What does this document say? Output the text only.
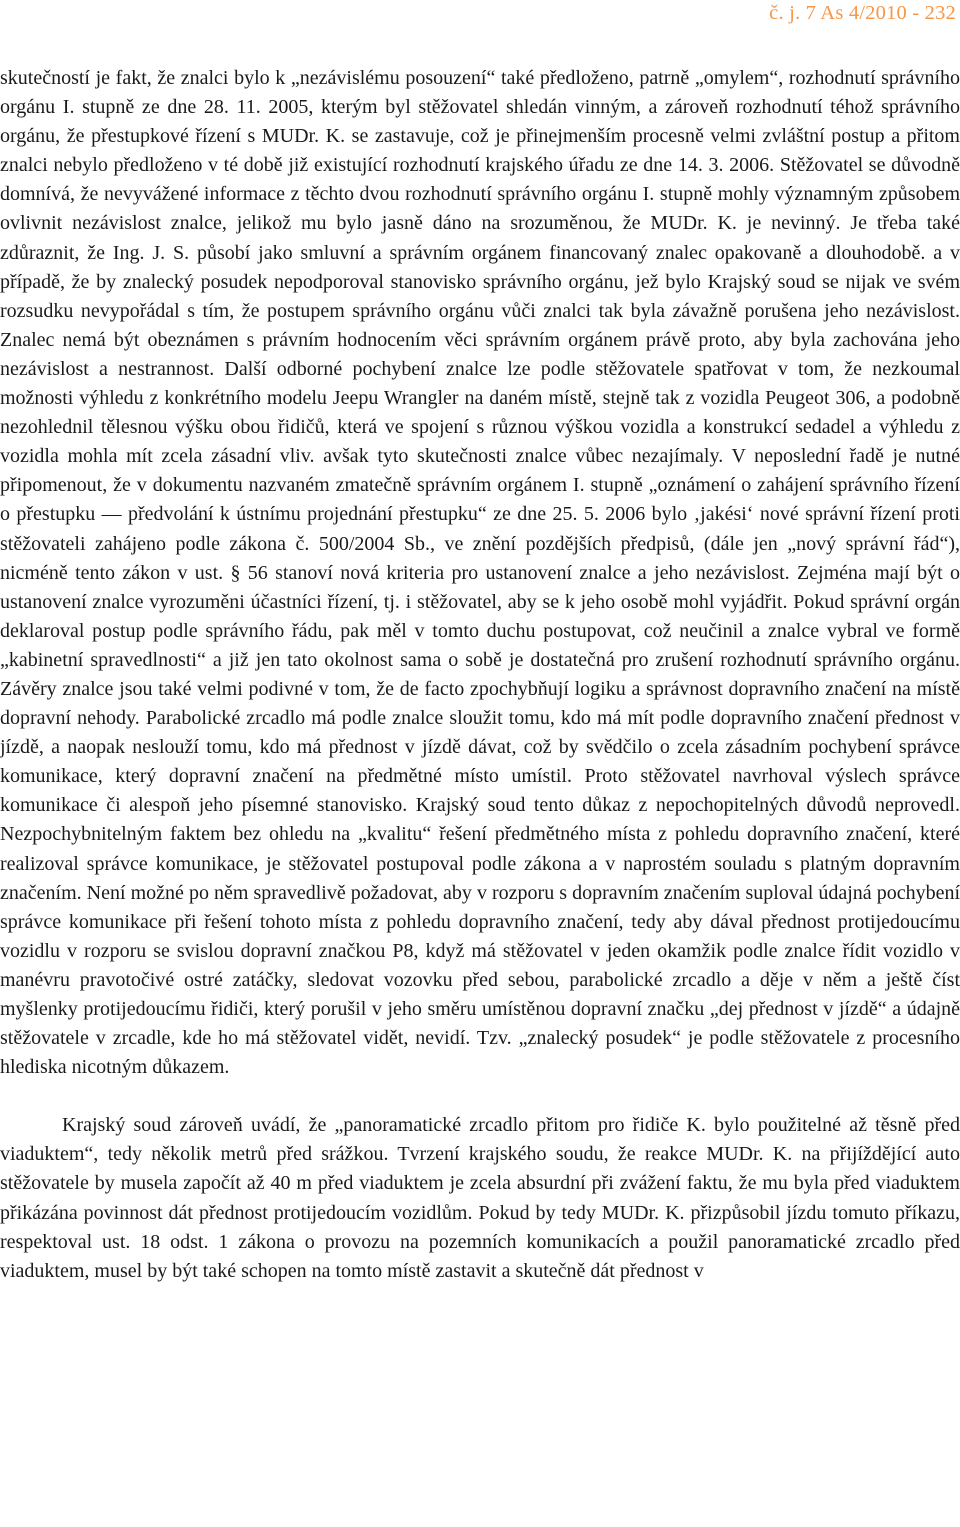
č. j. 7 As 4/2010 - 232

skutečností je fakt, že znalci bylo k „nezávislému posouzení“ také předloženo, patrně „omylem“, rozhodnutí správního orgánu I. stupně ze dne 28. 11. 2005, kterým byl stěžovatel shledán vinným, a zároveň rozhodnutí téhož správního orgánu, že přestupkové řízení s MUDr. K. se zastavuje, což je přinejmenším procesně velmi zvláštní postup a přitom znalci nebylo předloženo v té době již existující rozhodnutí krajského úřadu ze dne 14. 3. 2006. Stěžovatel se důvodně domnívá, že nevyvážené informace z těchto dvou rozhodnutí správního orgánu I. stupně mohly významným způsobem ovlivnit nezávislost znalce, jelikož mu bylo jasně dáno na srozuměnou, že MUDr. K. je nevinný. Je třeba také zdůraznit, že Ing. J. S. působí jako smluvní a správním orgánem financovaný znalec opakovaně a dlouhodobě. a v případě, že by znalecký posudek nepodporoval stanovisko správního orgánu, jež bylo Krajský soud se nijak ve svém rozsudku nevypořádal s tím, že postupem správního orgánu vůči znalci tak byla závažně porušena jeho nezávislost. Znalec nemá být obeznámen s právním hodnocením věci správním orgánem právě proto, aby byla zachována jeho nezávislost a nestrannost. Další odborné pochybení znalce lze podle stěžovatele spatřovat v tom, že nezkoumal možnosti výhledu z konkrétního modelu Jeepu Wrangler na daném místě, stejně tak z vozidla Peugeot 306, a podobně nezohlednil tělesnou výšku obou řidičů, která ve spojení s různou výškou vozidla a konstrukcí sedadel a výhledu z vozidla mohla mít zcela zásadní vliv. avšak tyto skutečnosti znalce vůbec nezajímaly. V neposlední řadě je nutné připomenout, že v dokumentu nazvaném zmatečně správním orgánem I. stupně „oznámení o zahájení správního řízení o přestupku — předvolání k ústnímu projednání přestupku“ ze dne 25. 5. 2006 bylo ‚jakési‘ nové správní řízení proti stěžovateli zahájeno podle zákona č. 500/2004 Sb., ve znění pozdějších předpisů, (dále jen „nový správní řád“), nicméně tento zákon v ust. § 56 stanoví nová kriteria pro ustanovení znalce a jeho nezávislost. Zejména mají být o ustanovení znalce vyrozuměni účastníci řízení, tj. i stěžovatel, aby se k jeho osobě mohl vyjádřit. Pokud správní orgán deklaroval postup podle správního řádu, pak měl v tomto duchu postupovat, což neučinil a znalce vybral ve formě „kabinetní spravedlnosti“ a již jen tato okolnost sama o sobě je dostatečná pro zrušení rozhodnutí správního orgánu. Závěry znalce jsou také velmi podivné v tom, že de facto zpochybňují logiku a správnost dopravního značení na místě dopravní nehody. Parabolické zrcadlo má podle znalce sloužit tomu, kdo má mít podle dopravního značení přednost v jízdě, a naopak neslouží tomu, kdo má přednost v jízdě dávat, což by svědčilo o zcela zásadním pochybení správce komunikace, který dopravní značení na předmětné místo umístil. Proto stěžovatel navrhoval výslech správce komunikace či alespoň jeho písemné stanovisko. Krajský soud tento důkaz z nepochopitelných důvodů neprovedl. Nezpochybnitelným faktem bez ohledu na „kvalitu“ řešení předmětného místa z pohledu dopravního značení, které realizoval správce komunikace, je stěžovatel postupoval podle zákona a v naprostém souladu s platným dopravním značením. Není možné po něm spravedlivě požadovat, aby v rozporu s dopravním značením suploval údajná pochybení správce komunikace při řešení tohoto místa z pohledu dopravního značení, tedy aby dával přednost protijedoucímu vozidlu v rozporu se svislou dopravní značkou P8, když má stěžovatel v jeden okamžik podle znalce řídit vozidlo v manévru pravotočivé ostré zatáčky, sledovat vozovku před sebou, parabolické zrcadlo a děje v něm a ještě číst myšlenky protijedoucímu řidiči, který porušil v jeho směru umístěnou dopravní značku „dej přednost v jízdě“ a údajně stěžovatele v zrcadle, kde ho má stěžovatel vidět, nevidí. Tzv. „znalecký posudek“ je podle stěžovatele z procesního hlediska nicotným důkazem.

Krajský soud zároveň uvádí, že „panoramatické zrcadlo přitom pro řidiče K. bylo použitelné až těsně před viaduktem“, tedy několik metrů před srážkou. Tvrzení krajského soudu, že reakce MUDr. K. na přijíždějící auto stěžovatele by musela započít až 40 m před viaduktem je zcela absurdní při zvážení faktu, že mu byla před viaduktem přikázána povinnost dát přednost protijedoucím vozidlům. Pokud by tedy MUDr. K. přizpůsobil jízdu tomuto příkazu, respektoval ust. 18 odst. 1 zákona o provozu na pozemních komunikacích a použil panoramatické zrcadlo před viaduktem, musel by být také schopen na tomto místě zastavit a skutečně dát přednost v
